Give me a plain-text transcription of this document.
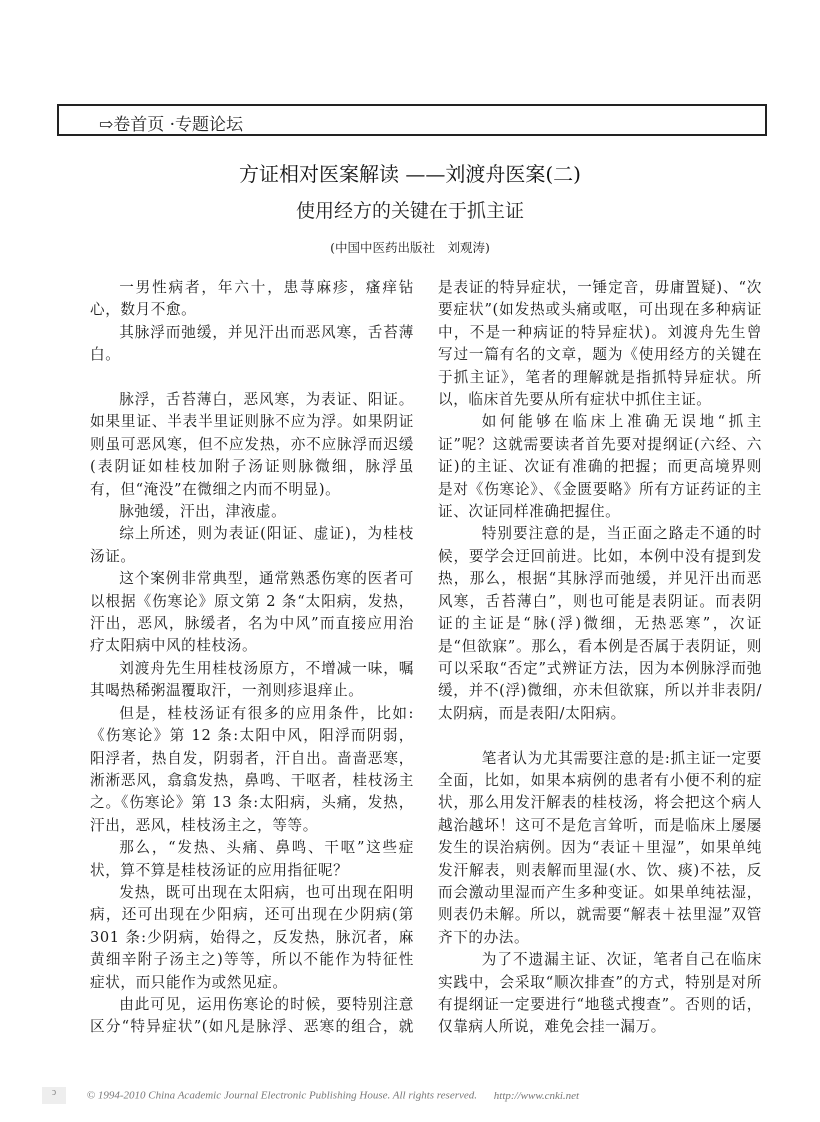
⇨卷首页 ·专题论坛
方证相对医案解读 ——刘渡舟医案(二)
使用经方的关键在于抓主证
(中国中医药出版社　刘观涛)

一男性病者，年六十，患荨麻疹，瘙痒钻心，数月不愈。

其脉浮而弛缓，并见汗出而恶风寒，舌苔薄白。

脉浮，舌苔薄白，恶风寒，为表证、阳证。如果里证、半表半里证则脉不应为浮。如果阴证则虽可恶风寒，但不应发热，亦不应脉浮而迟缓(表阴证如桂枝加附子汤证则脉微细，脉浮虽有，但“淹没”在微细之内而不明显)。

脉弛缓，汗出，津液虚。

综上所述，则为表证(阳证、虚证)，为桂枝汤证。

这个案例非常典型，通常熟悉伤寒的医者可以根据《伤寒论》原文第 2 条“太阳病，发热，汗出，恶风，脉缓者，名为中风”而直接应用治疗太阳病中风的桂枝汤。

刘渡舟先生用桂枝汤原方，不增减一味，嘱其喝热稀粥温覆取汗，一剂则疹退痒止。

但是，桂枝汤证有很多的应用条件，比如:《伤寒论》第 12 条:太阳中风，阳浮而阴弱，阳浮者，热自发，阴弱者，汗自出。啬啬恶寒，淅淅恶风，翕翕发热，鼻鸣、干呕者，桂枝汤主之。《伤寒论》第 13 条:太阳病，头痛，发热，汗出，恶风，桂枝汤主之，等等。

那么，“发热、头痛、鼻鸣、干呕”这些症状，算不算是桂枝汤证的应用指征呢？

发热，既可出现在太阳病，也可出现在阳明病，还可出现在少阳病，还可出现在少阴病(第 301 条:少阴病，始得之，反发热，脉沉者，麻黄细辛附子汤主之)等等，所以不能作为特征性症状，而只能作为或然见症。

由此可见，运用伤寒论的时候，要特别注意区分“特异症状”(如凡是脉浮、恶寒的组合，就是表证的特异症状，一锤定音，毋庸置疑)、“次要症状”(如发热或头痛或呕，可出现在多种病证中，不是一种病证的特异症状)。刘渡舟先生曾写过一篇有名的文章，题为《使用经方的关键在于抓主证》，笔者的理解就是指抓特异症状。所以，临床首先要从所有症状中抓住主证。

如何能够在临床上准确无误地“抓主证”呢？这就需要读者首先要对提纲证(六经、六证)的主证、次证有准确的把握；而更高境界则是对《伤寒论》、《金匮要略》所有方证药证的主证、次证同样准确把握住。

特别要注意的是，当正面之路走不通的时候，要学会迂回前进。比如，本例中没有提到发热，那么，根据“其脉浮而弛缓，并见汗出而恶风寒，舌苔薄白”，则也可能是表阴证。而表阴证的主证是“脉(浮)微细，无热恶寒”，次证是“但欲寐”。那么，看本例是否属于表阴证，则可以采取“否定”式辨证方法，因为本例脉浮而弛缓，并不(浮)微细，亦未但欲寐，所以并非表阴/太阴病，而是表阳/太阳病。

笔者认为尤其需要注意的是:抓主证一定要全面，比如，如果本病例的患者有小便不利的症状，那么用发汗解表的桂枝汤，将会把这个病人越治越坏！这可不是危言耸听，而是临床上屡屡发生的误治病例。因为“表证＋里湿”，如果单纯发汗解表，则表解而里湿(水、饮、痰)不祛，反而会激动里湿而产生多种变证。如果单纯祛湿，则表仍未解。所以，就需要“解表＋祛里湿”双管齐下的办法。

为了不遗漏主证、次证，笔者自己在临床实践中，会采取“顺次排查”的方式，特别是对所有提纲证一定要进行“地毯式搜查”。否则的话，仅靠病人所说，难免会挂一漏万。

ↄ	© 1994-2010 China Academic Journal Electronic Publishing House. All rights reserved. http://www.cnki.net
